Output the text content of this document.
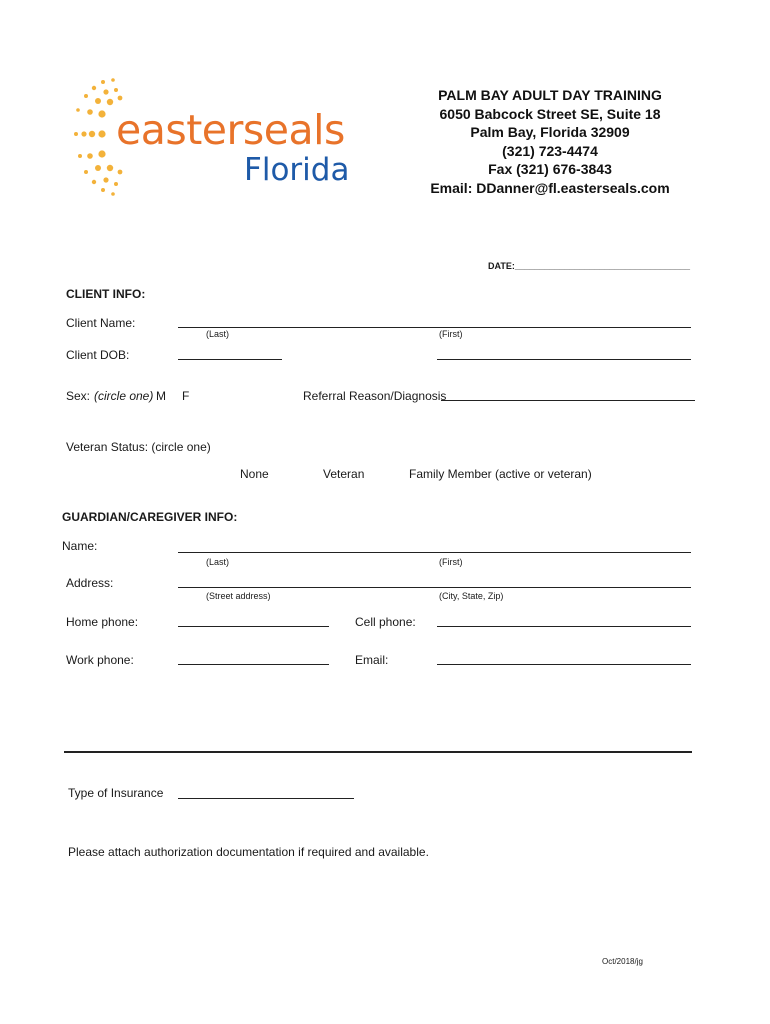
easterseals
Florida
PALM BAY ADULT DAY TRAINING
6050 Babcock Street SE, Suite 18
Palm Bay, Florida 32909
(321) 723-4474
Fax (321) 676-3843
Email: DDanner@fl.easterseals.com
DATE:___________________________________
CLIENT INFO:
Client Name:
(Last)	(First)
Client DOB:
Sex: (circle one) M F	Referral Reason/Diagnosis
Veteran Status: (circle one)
None	Veteran	Family Member (active or veteran)
GUARDIAN/CAREGIVER INFO:
Name:
(Last)	(First)
Address:
(Street address)	(City, State, Zip)
Home phone:	Cell phone:
Work phone:	Email:
Type of Insurance
Please attach authorization documentation if required and available.
Oct/2018/jg
